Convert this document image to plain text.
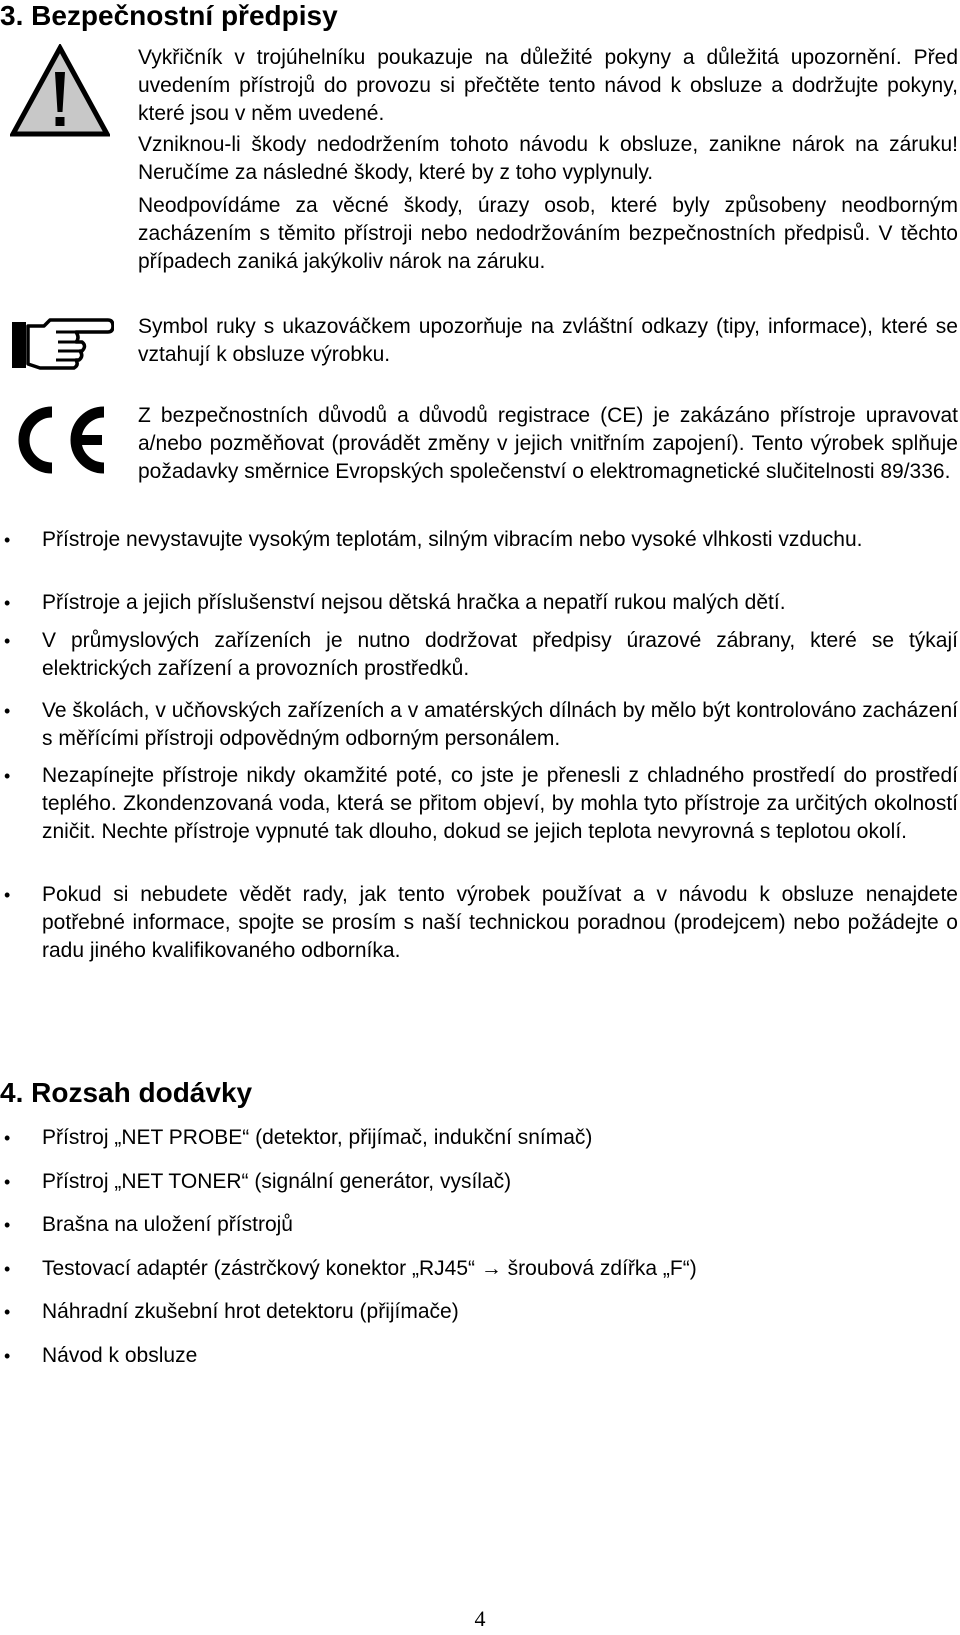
3. Bezpečnostní předpisy

Vykřičník v trojúhelníku poukazuje na důležité pokyny a důležitá upozornění. Před uvedením přístrojů do provozu si přečtěte tento návod k obsluze a dodržujte pokyny, které jsou v něm uvedené.

Vzniknou-li škody nedodržením tohoto návodu k obsluze, zanikne nárok na záruku! Neručíme za následné škody, které by z toho vyplynuly.

Neodpovídáme za věcné škody, úrazy osob, které byly způsobeny neodborným zacházením s těmito přístroji nebo nedodržováním bezpečnostních předpisů. V těchto případech zaniká jakýkoliv nárok na záruku.

Symbol ruky s ukazováčkem upozorňuje na zvláštní odkazy (tipy, informace), které se vztahují k obsluze výrobku.

Z bezpečnostních důvodů a důvodů registrace (CE) je zakázáno přístroje upravovat a/nebo pozměňovat (provádět změny v jejich vnitřním zapojení). Tento výrobek splňuje požadavky směrnice Evropských společenství o elektromagnetické slučitelnosti 89/336.

• Přístroje nevystavujte vysokým teplotám, silným vibracím nebo vysoké vlhkosti vzduchu.
• Přístroje a jejich příslušenství nejsou dětská hračka a nepatří rukou malých dětí.
• V průmyslových zařízeních je nutno dodržovat předpisy úrazové zábrany, které se týkají elektrických zařízení a provozních prostředků.
• Ve školách, v učňovských zařízeních a v amatérských dílnách by mělo být kontrolováno zacházení s měřícími přístroji odpovědným odborným personálem.
• Nezapínejte přístroje nikdy okamžité poté, co jste je přenesli z chladného prostředí do prostředí teplého. Zkondenzovaná voda, která se přitom objeví, by mohla tyto přístroje za určitých okolností zničit. Nechte přístroje vypnuté tak dlouho, dokud se jejich teplota nevyrovná s teplotou okolí.
• Pokud si nebudete vědět rady, jak tento výrobek používat a v návodu k obsluze nenajdete potřebné informace, spojte se prosím s naší technickou poradnou (prodejcem) nebo požádejte o radu jiného kvalifikovaného odborníka.
4. Rozsah dodávky
• Přístroj „NET PROBE“ (detektor, přijímač, indukční snímač)
• Přístroj „NET TONER“ (signální generátor, vysílač)
• Brašna na uložení přístrojů
• Testovací adaptér (zástrčkový konektor „RJ45“ → šroubová zdířka „F“)
• Náhradní zkušební hrot detektoru (přijímače)
• Návod k obsluze
4
